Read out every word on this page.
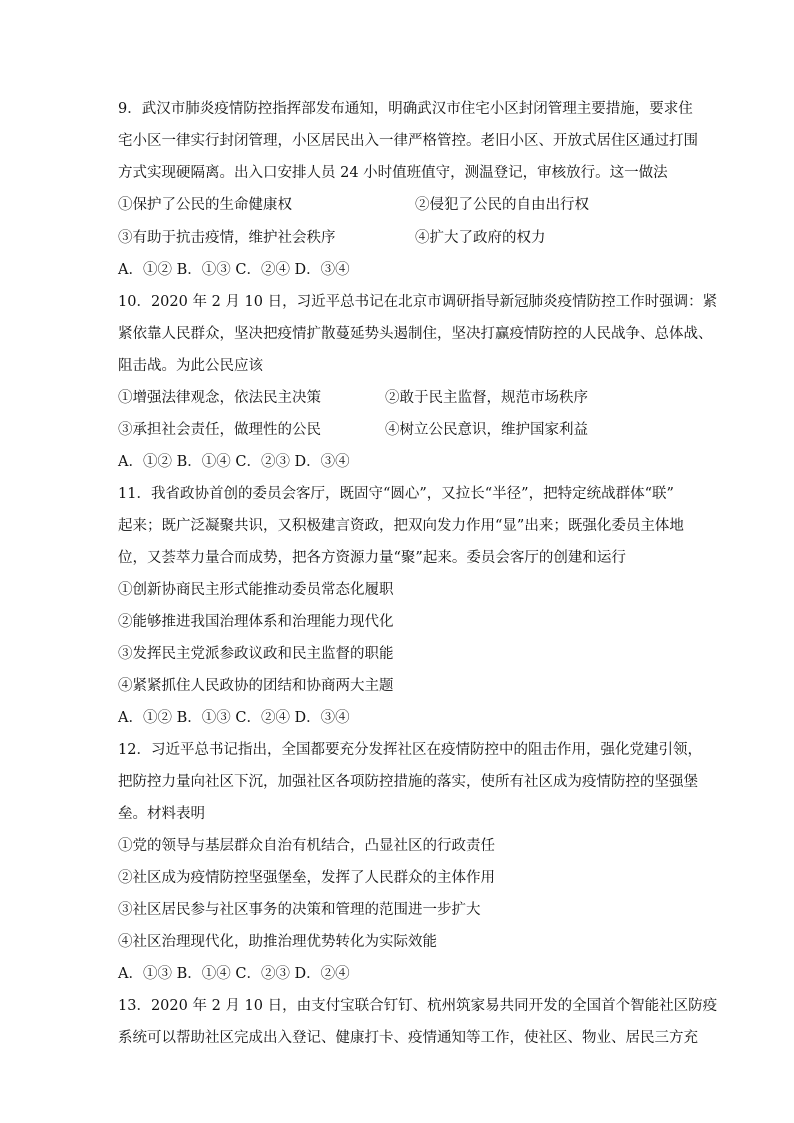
9．武汉市肺炎疫情防控指挥部发布通知，明确武汉市住宅小区封闭管理主要措施，要求住
宅小区一律实行封闭管理，小区居民出入一律严格管控。老旧小区、开放式居住区通过打围
方式实现硬隔离。出入口安排人员 24 小时值班值守，测温登记，审核放行。这一做法
①保护了公民的生命健康权	②侵犯了公民的自由出行权
③有助于抗击疫情，维护社会秩序	④扩大了政府的权力
A．①② B．①③ C．②④ D．③④
10．2020 年 2 月 10 日，习近平总书记在北京市调研指导新冠肺炎疫情防控工作时强调：紧
紧依靠人民群众，坚决把疫情扩散蔓延势头遏制住，坚决打赢疫情防控的人民战争、总体战、
阻击战。为此公民应该
①增强法律观念，依法民主决策	②敢于民主监督，规范市场秩序
③承担社会责任，做理性的公民	④树立公民意识，维护国家利益
A．①② B．①④ C．②③ D．③④
11．我省政协首创的委员会客厅，既固守“圆心”，又拉长“半径”，把特定统战群体“联”
起来；既广泛凝聚共识，又积极建言资政，把双向发力作用“显”出来；既强化委员主体地
位，又荟萃力量合而成势，把各方资源力量“聚”起来。委员会客厅的创建和运行
①创新协商民主形式能推动委员常态化履职
②能够推进我国治理体系和治理能力现代化
③发挥民主党派参政议政和民主监督的职能
④紧紧抓住人民政协的团结和协商两大主题
A．①② B．①③ C．②④ D．③④
12．习近平总书记指出，全国都要充分发挥社区在疫情防控中的阻击作用，强化党建引领，
把防控力量向社区下沉，加强社区各项防控措施的落实，使所有社区成为疫情防控的坚强堡
垒。材料表明
①党的领导与基层群众自治有机结合，凸显社区的行政责任
②社区成为疫情防控坚强堡垒，发挥了人民群众的主体作用
③社区居民参与社区事务的决策和管理的范围进一步扩大
④社区治理现代化，助推治理优势转化为实际效能
A．①③ B．①④ C．②③ D．②④
13．2020 年 2 月 10 日，由支付宝联合钉钉、杭州筑家易共同开发的全国首个智能社区防疫
系统可以帮助社区完成出入登记、健康打卡、疫情通知等工作，使社区、物业、居民三方充
